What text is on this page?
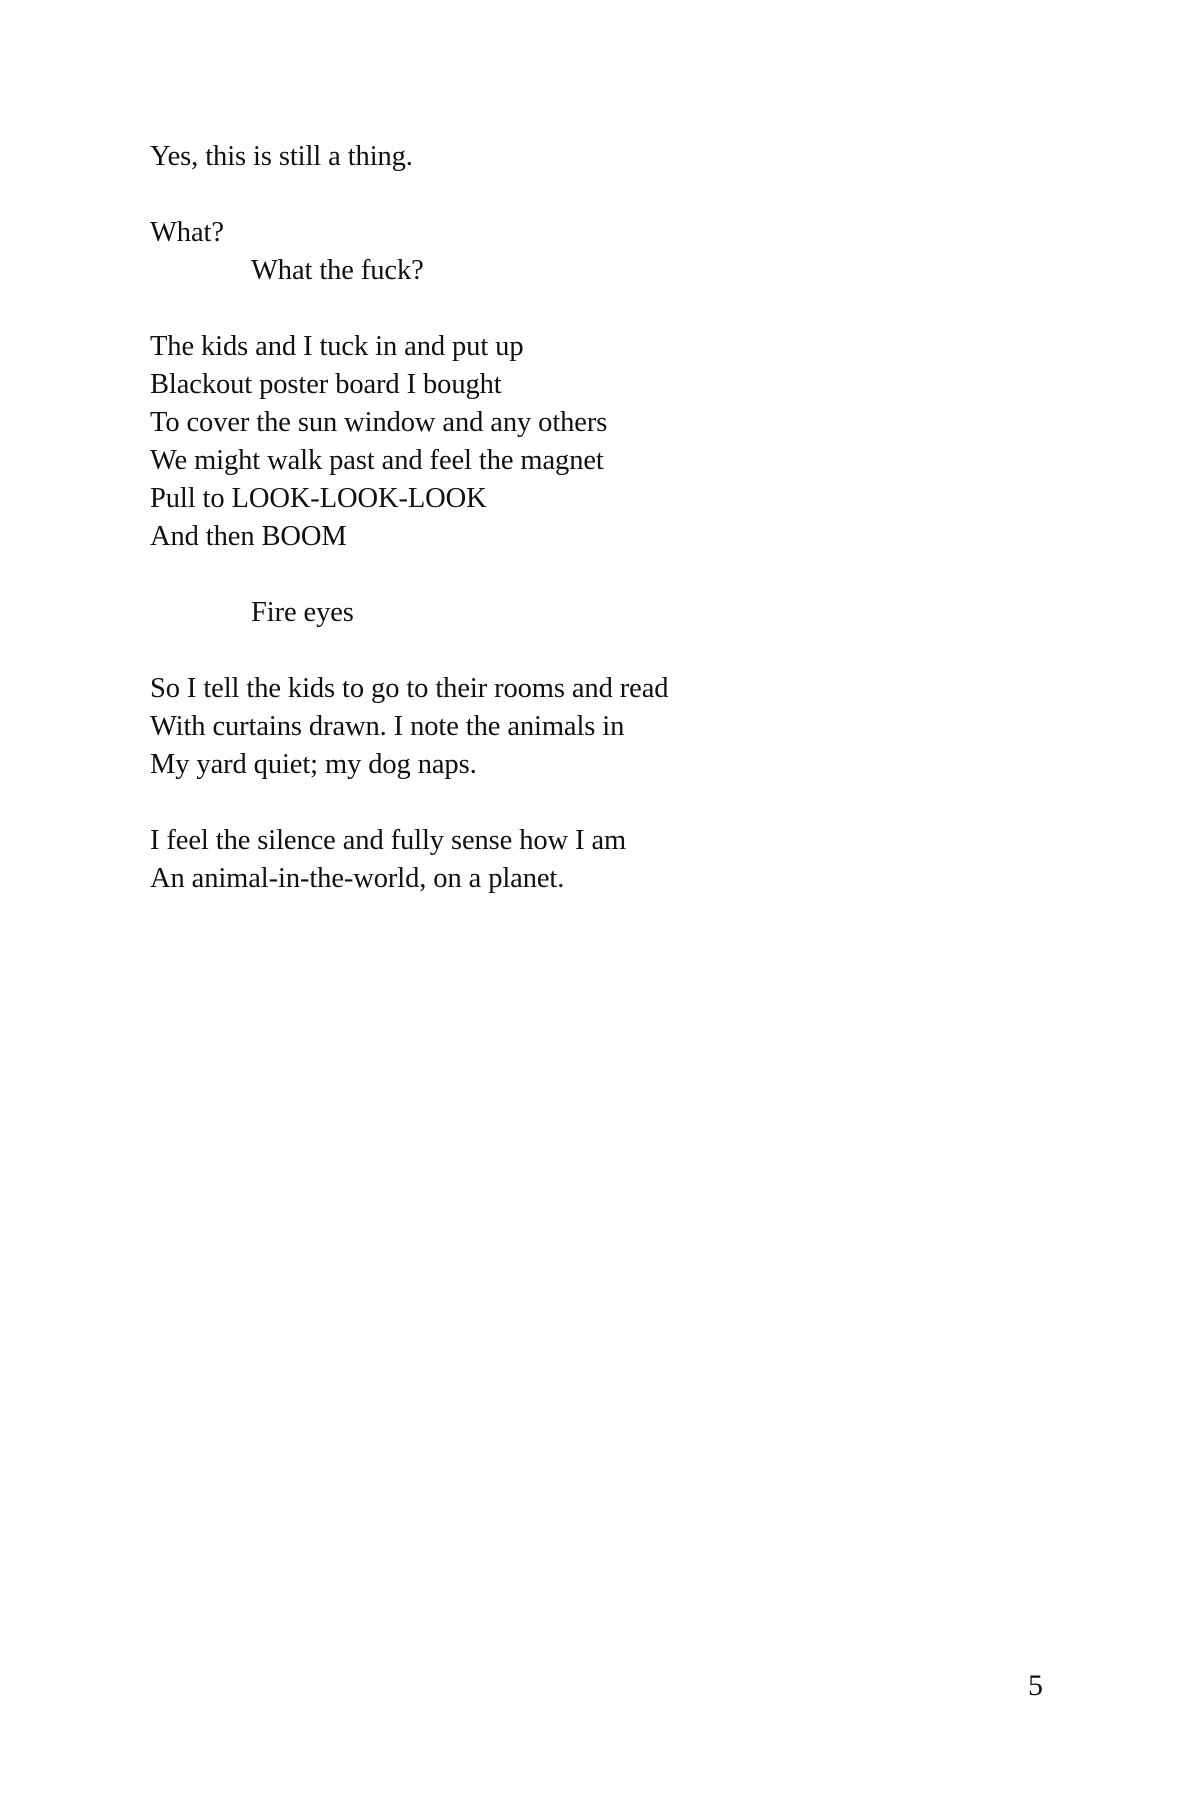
Yes, this is still a thing.
What?
What the fuck?
The kids and I tuck in and put up
Blackout poster board I bought
To cover the sun window and any others
We might walk past and feel the magnet
Pull to LOOK-LOOK-LOOK
And then BOOM
Fire eyes
So I tell the kids to go to their rooms and read
With curtains drawn. I note the animals in
My yard quiet; my dog naps.
I feel the silence and fully sense how I am
An animal-in-the-world, on a planet.
5
